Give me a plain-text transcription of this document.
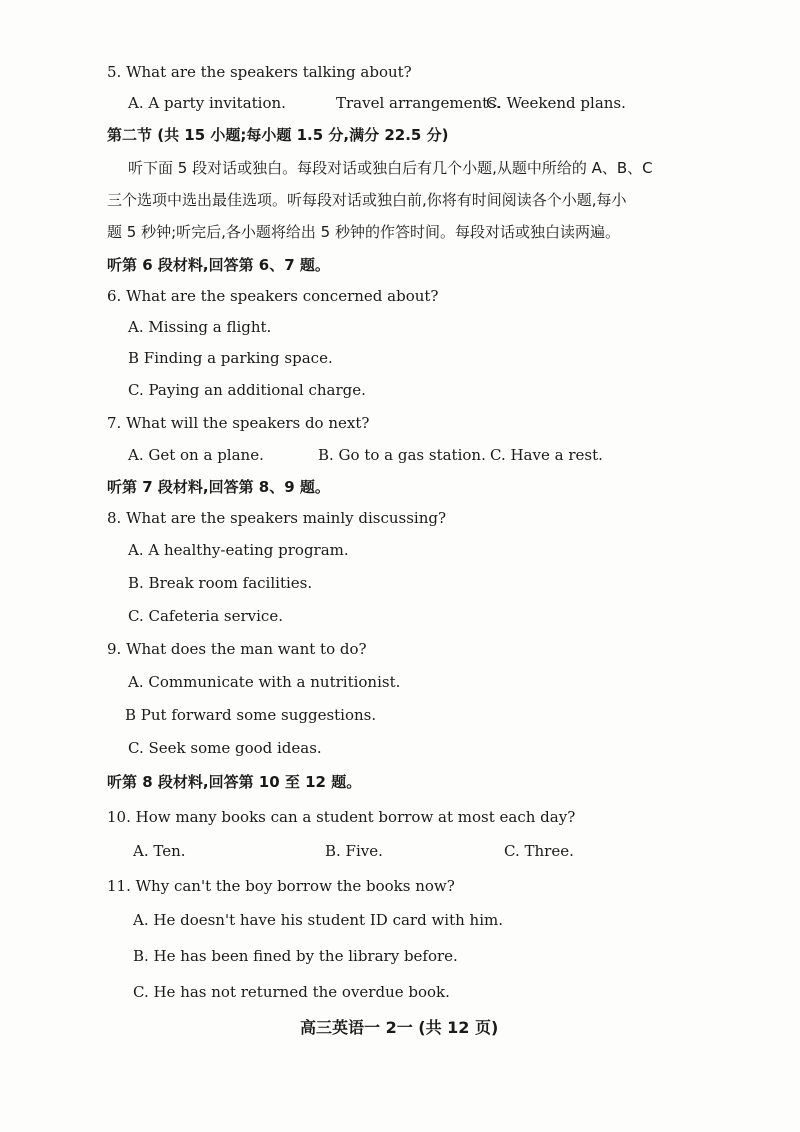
5. What are the speakers talking about?
A. A party invitation.	Travel arrangements.
C. Weekend plans.
第二节 (共 15 小题;每小题 1.5 分,满分 22.5 分)
听下面 5 段对话或独白。每段对话或独白后有几个小题,从题中所给的 A、B、C
三个选项中选出最佳选项。听每段对话或独白前,你将有时间阅读各个小题,每小
题 5 秒钟;听完后,各小题将给出 5 秒钟的作答时间。每段对话或独白读两遍。
听第 6 段材料,回答第 6、7 题。
6. What are the speakers concerned about?
A. Missing a flight.
B Finding a parking space.
C. Paying an additional charge.
7. What will the speakers do next?
A. Get on a plane.	B. Go to a gas station. C. Have a rest.
听第 7 段材料,回答第 8、9 题。
8. What are the speakers mainly discussing?
A. A healthy-eating program.
B. Break room facilities.
C. Cafeteria service.
9. What does the man want to do?
A. Communicate with a nutritionist.
B Put forward some suggestions.
C. Seek some good ideas.
听第 8 段材料,回答第 10 至 12 题。
10. How many books can a student borrow at most each day?
A. Ten.	B. Five.	C. Three.
11. Why can't the boy borrow the books now?
A. He doesn't have his student ID card with him.
B. He has been fined by the library before.
C. He has not returned the overdue book.
高三英语一 2一 (共 12 页)
